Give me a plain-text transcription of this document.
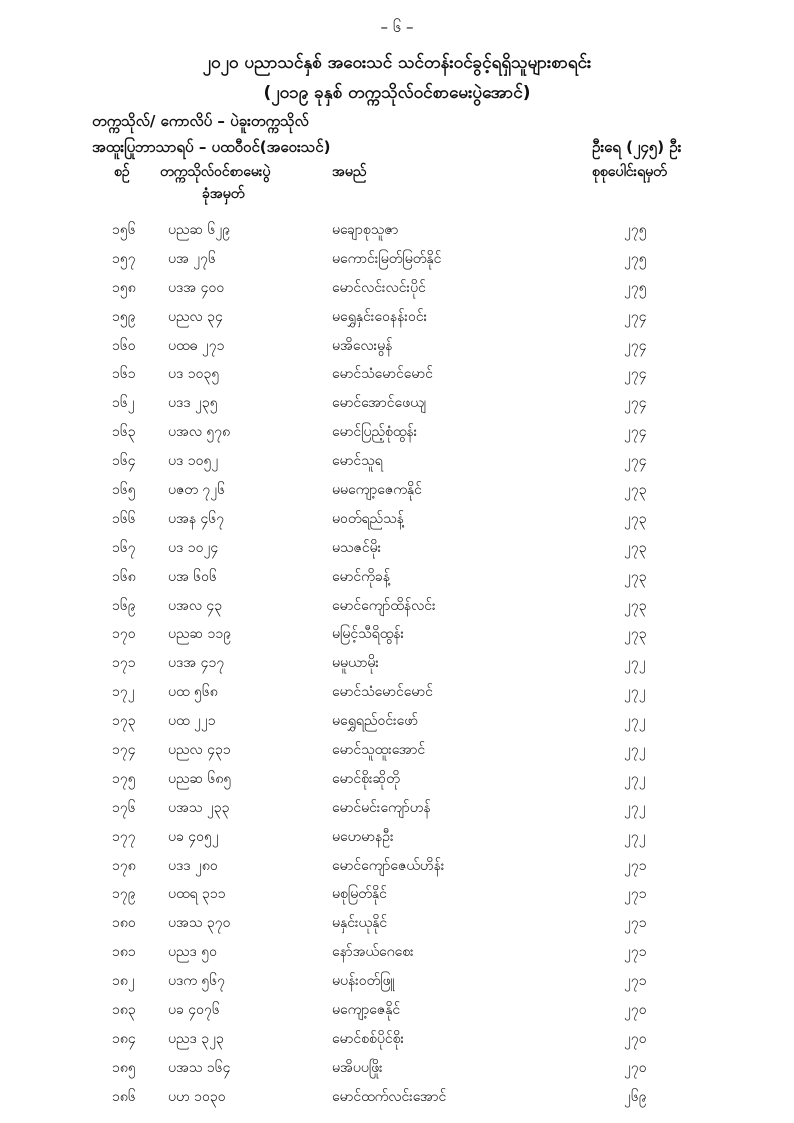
– ၆ –
၂၀၂၀ ပညာသင်နှစ် အဝေးသင် သင်တန်းဝင်ခွင့်ရရှိသူများစာရင်း
(၂၀၁၉ ခုနှစ် တက္ကသိုလ်ဝင်စာမေးပွဲအောင်)
တက္ကသိုလ်/ ကောလိပ် – ပဲခူးတက္ကသိုလ်
အထူးပြုဘာသာရပ် – ပထဝီဝင်(အဝေးသင်)	ဦးရေ (၂၄၅) ဦး
စဉ် တက္ကသိုလ်ဝင်စာမေးပွဲ
ခုံအမှတ်
အမည်	စုစုပေါင်းရမှတ်
၁၅၆ ပညဆ ၆၂၉	မချောစုသူဇာ	၂၇၅
၁၅၇ ပအ ၂၇၆	မကောင်းမြတ်မြတ်နိုင်	၂၇၅
၁၅၈ ပဒအ ၄၀၀	မောင်လင်းလင်းပိုင်	၂၇၅
၁၅၉ ပညလ ၃၄	မရွှေနှင်းဝေနန်းဝင်း	၂၇၄
၁၆၀ ပထဓ ၂၇၁	မအိလေးမွန်	၂၇၄
၁၆၁ ပဒ ၁၀၃၅	မောင်သံမောင်မောင်	၂၇၄
၁၆၂ ပဒဒ ၂၃၅	မောင်အောင်ဖေယျ	၂၇၄
၁၆၃ ပအလ ၅၇၈	မောင်ပြည့်စုံထွန်း	၂၇၄
၁၆၄ ပဒ ၁၀၅၂	မောင်သူရ	၂၇၄
၁၆၅ ပဇတ ၇၂၆	မမကျော့ဇေကနိုင်	၂၇၃
၁၆၆ ပအန ၄၆၇	မဝတ်ရည်သန့်	၂၇၃
၁၆၇ ပဒ ၁၀၂၄	မသဇင်မိုး	၂၇၃
၁၆၈ ပအ ၆၀၆	မောင်ကိုခန့်	၂၇၃
၁၆၉ ပအလ ၄၃	မောင်ကျော်ထိန်လင်း	၂၇၃
၁၇၀ ပညဆ ၁၁၉	မမြင့်သီရိထွန်း	၂၇၃
၁၇၁ ပဒအ ၄၁၇	မမူယာမိုး	၂၇၂
၁၇၂ ပထ ၅၆၈	မောင်သံမောင်မောင်	၂၇၂
၁၇၃ ပထ ၂၂၁	မရွှေရည်ဝင်းဖော်	၂၇၂
၁၇၄ ပညလ ၄၃၁	မောင်သူထူးအောင်	၂၇၂
၁၇၅ ပညဆ ၆၈၅	မောင်စိုးဆိုတို	၂၇၂
၁၇၆ ပအသ ၂၃၃	မောင်မင်းကျော်ဟန်	၂၇၂
၁၇၇ ပခ ၄၀၅၂	မဟေမာနဦး	၂၇၂
၁၇၈ ပဒဒ ၂၈၀	မောင်ကျော်ဇေယ်ဟိန်း	၂၇၁
၁၇၉ ပထရ ၃၁၁	မစုမြတ်နိုင်	၂၇၁
၁၈၀ ပအသ ၃၇၀	မနှင်းယုနိုင်	၂၇၁
၁၈၁ ပညဒ ၅၀	နော်အယ်ဂေစေး	၂၇၁
၁၈၂ ပဒက ၅၆၇	မပန်းဝတ်ဖြူ	၂၇၁
၁၈၃ ပခ ၄၀၇၆	မကျော့ဇေနိုင်	၂၇၀
၁၈၄ ပညဒ ၃၂၃	မောင်စစ်ပိုင်စိုး	၂၇၀
၁၈၅ ပအသ ၁၆၄	မအိပပဖြိုး	၂၇၀
၁၈၆ ပဟ ၁၀၃၀	မောင်ထက်လင်းအောင်	၂၆၉
